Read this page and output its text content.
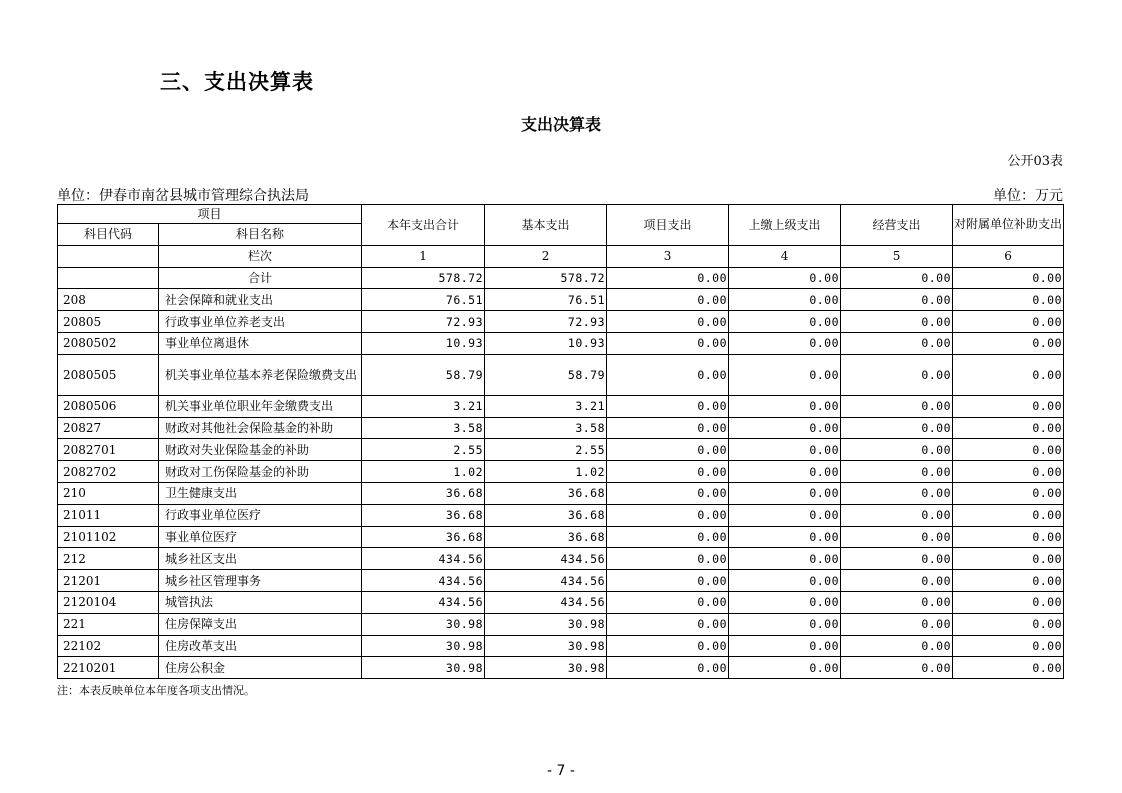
三、支出决算表
支出决算表
公开03表
单位：伊春市南岔县城市管理综合执法局	单位：万元
项目		本年支出合计	基本支出	项目支出	上缴上级支出	经营支出	对附属单位补助支出
科目代码	科目名称						
	栏次	1	2	3	4	5	6
	合计	578.72	578.72	0.00	0.00	0.00	0.00
208	社会保障和就业支出	76.51	76.51	0.00	0.00	0.00	0.00
20805	行政事业单位养老支出	72.93	72.93	0.00	0.00	0.00	0.00
2080502	事业单位离退休	10.93	10.93	0.00	0.00	0.00	0.00
2080505	机关事业单位基本养老保险缴费支出	58.79	58.79	0.00	0.00	0.00	0.00
2080506	机关事业单位职业年金缴费支出	3.21	3.21	0.00	0.00	0.00	0.00
20827	财政对其他社会保险基金的补助	3.58	3.58	0.00	0.00	0.00	0.00
2082701	财政对失业保险基金的补助	2.55	2.55	0.00	0.00	0.00	0.00
2082702	财政对工伤保险基金的补助	1.02	1.02	0.00	0.00	0.00	0.00
210	卫生健康支出	36.68	36.68	0.00	0.00	0.00	0.00
21011	行政事业单位医疗	36.68	36.68	0.00	0.00	0.00	0.00
2101102	事业单位医疗	36.68	36.68	0.00	0.00	0.00	0.00
212	城乡社区支出	434.56	434.56	0.00	0.00	0.00	0.00
21201	城乡社区管理事务	434.56	434.56	0.00	0.00	0.00	0.00
2120104	城管执法	434.56	434.56	0.00	0.00	0.00	0.00
221	住房保障支出	30.98	30.98	0.00	0.00	0.00	0.00
22102	住房改革支出	30.98	30.98	0.00	0.00	0.00	0.00
2210201	住房公积金	30.98	30.98	0.00	0.00	0.00	0.00
注：本表反映单位本年度各项支出情况。
- 7 -
